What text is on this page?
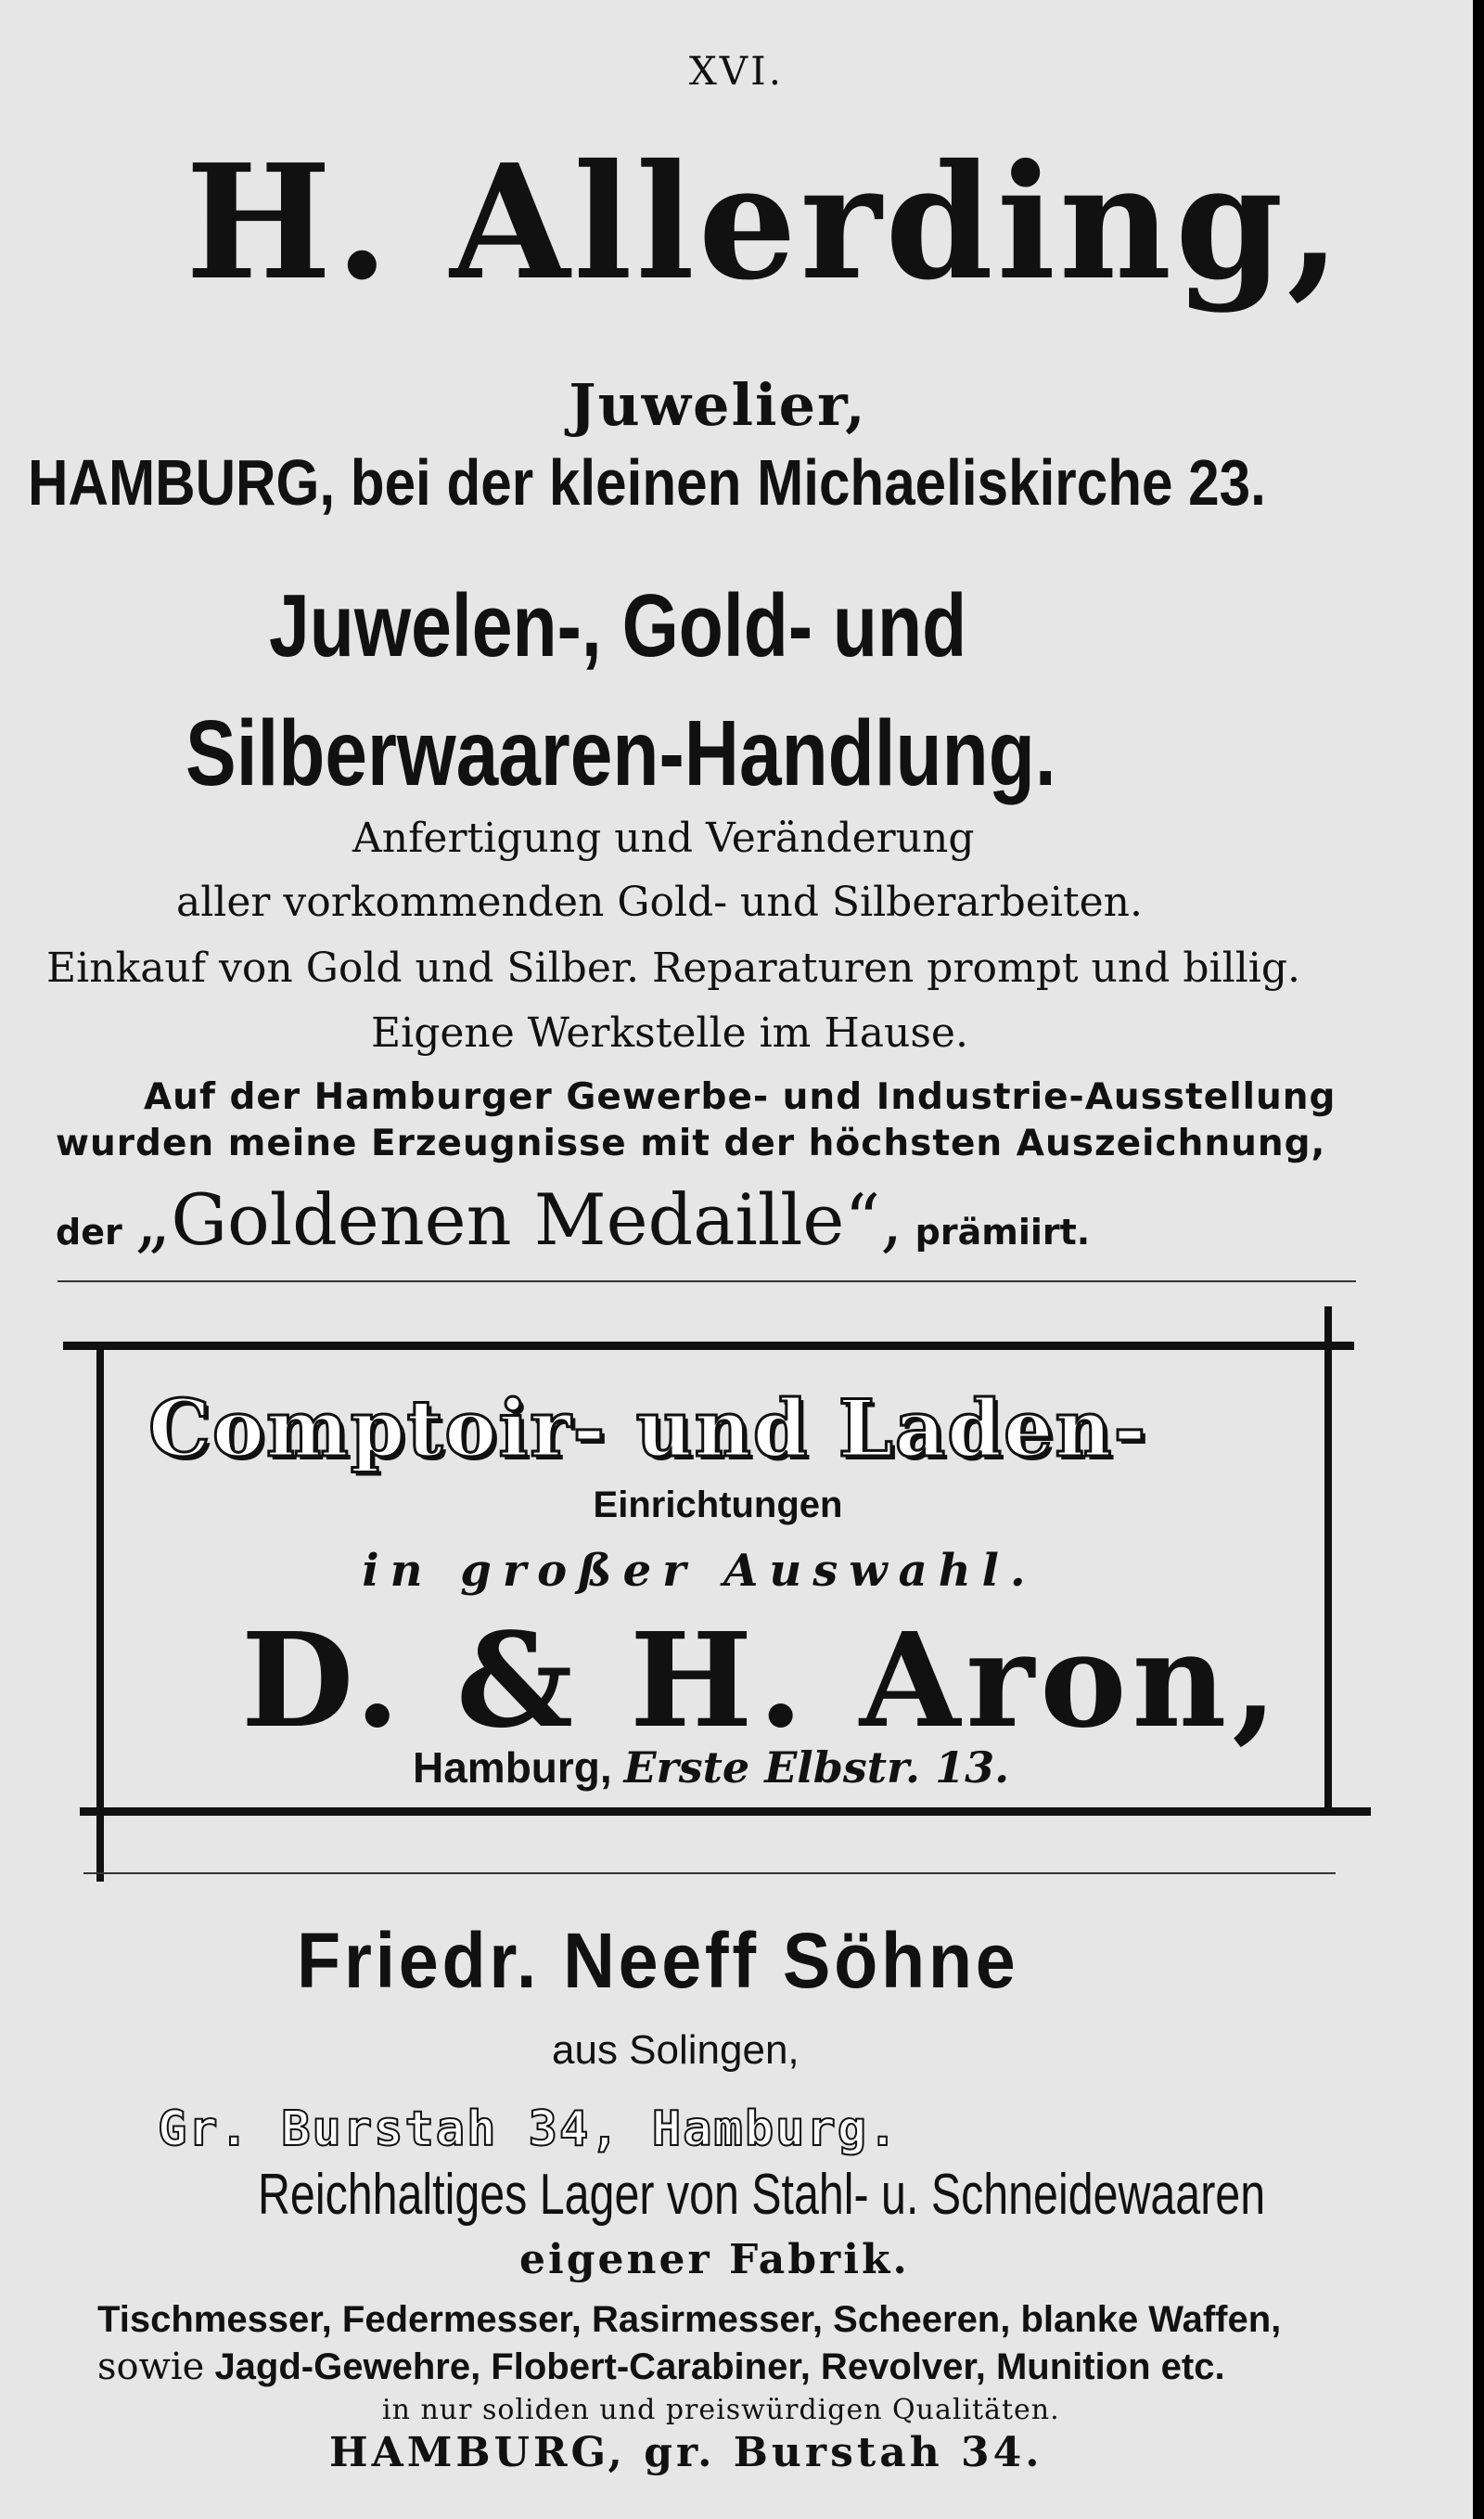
XVI.
H. Allerding,
Juwelier,
HAMBURG, bei der kleinen Michaeliskirche 23.
Juwelen-, Gold- und
Silberwaaren-Handlung.
Anfertigung und Veränderung
aller vorkommenden Gold- und Silberarbeiten.
Einkauf von Gold und Silber. Reparaturen prompt und billig.
Eigene Werkstelle im Hause.
Auf der Hamburger Gewerbe- und Industrie-Ausstellung
wurden meine Erzeugnisse mit der höchsten Auszeichnung,
der „Goldenen Medaille“, prämiirt.
Comptoir- und Laden-
Einrichtungen
in großer Auswahl.
D. & H. Aron,
Hamburg, Erste Elbstr. 13.
Friedr. Neeff Söhne
aus Solingen,
Gr. Burstah 34, Hamburg.
Reichhaltiges Lager von Stahl- u. Schneidewaaren
eigener Fabrik.
Tischmesser, Federmesser, Rasirmesser, Scheeren, blanke Waffen,
sowie Jagd-Gewehre, Flobert-Carabiner, Revolver, Munition etc.
in nur soliden und preiswürdigen Qualitäten.
HAMBURG, gr. Burstah 34.
